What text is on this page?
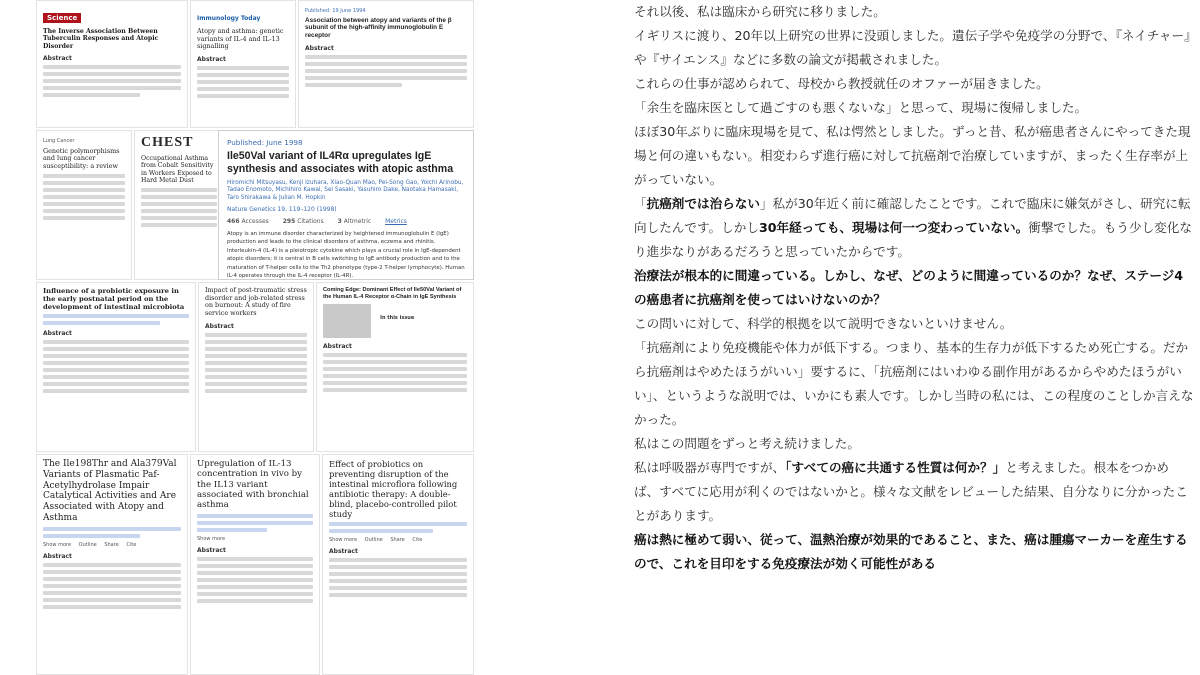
Science
The Inverse Association Between Tuberculin Responses and Atopic Disorder
Abstract
Immunology Today
Atopy and asthma: genetic variants of IL-4 and IL-13 signalling
Abstract
Published: 19 June 1994
Association between atopy and variants of the β subunit of the high-affinity immunoglobulin E receptor
Abstract
Lung Cancer
Genetic polymorphisms and lung cancer susceptibility: a review
CHEST
Occupational Asthma from Cobalt Sensitivity in Workers Exposed to Hard Metal Dust
Published: June 1998
Ile50Val variant of IL4Rα upregulates IgE synthesis and associates with atopic asthma
Hiromichi Mitsuyasu, Kenji Izuhara, Xiao-Quan Mao, Pei-Song Gao, Yoichi Arinobu, Tadao Enomoto, Michihiro Kawai, Sei Sasaki, Yasuhiro Dake, Naotaka Hamasaki, Taro Shirakawa & Julian M. Hopkin
Nature Genetics 19, 119–120 (1998)
466 Accesses 295 Citations 3 Altmetric Metrics
Atopy is an immune disorder characterized by heightened immunoglobulin E (IgE) production and leads to the clinical disorders of asthma, eczema and rhinitis. Interleukin-4 (IL-4) is a pleiotropic cytokine which plays a crucial role in IgE-dependent atopic disorders; it is central in B cells switching to IgE antibody production and to the maturation of T-helper cells to the Th2 phenotype (type-2 T-helper lymphocyte). Human IL-4 operates through the IL-4 receptor (IL-4R).
Influence of a probiotic exposure in the early postnatal period on the development of intestinal microbiota
Abstract
Impact of post-traumatic stress disorder and job-related stress on burnout: A study of fire service workers
Abstract
Coming Edge: Dominant Effect of Ile50Val Variant of the Human IL-4 Receptor α-Chain in IgE Synthesis
In this issue
Abstract
The Ile198Thr and Ala379Val Variants of Plasmatic Paf-Acetylhydrolase Impair Catalytical Activities and Are Associated with Atopy and Asthma
Show more Outline Share Cite
Abstract
Upregulation of IL-13 concentration in vivo by the IL13 variant associated with bronchial asthma
Show more
Abstract
Effect of probiotics on preventing disruption of the intestinal microflora following antibiotic therapy: A double-blind, placebo-controlled pilot study
Show more Outline Share Cite
Abstract

それ以後、私は臨床から研究に移りました。

イギリスに渡り、20年以上研究の世界に没頭しました。遺伝子学や免疫学の分野で、『ネイチャー』や『サイエンス』などに多数の論文が掲載されました。

これらの仕事が認められて、母校から教授就任のオファーが届きました。

「余生を臨床医として過ごすのも悪くないな」と思って、現場に復帰しました。

ほぼ30年ぶりに臨床現場を見て、私は愕然としました。ずっと昔、私が癌患者さんにやってきた現場と何の違いもない。相変わらず進行癌に対して抗癌剤で治療していますが、まったく生存率が上がっていない。

「抗癌剤では治らない」私が30年近く前に確認したことです。これで臨床に嫌気がさし、研究に転向したんです。しかし30年経っても、現場は何一つ変わっていない。衝撃でした。もう少し変化なり進歩なりがあるだろうと思っていたからです。

治療法が根本的に間違っている。しかし、なぜ、どのように間違っているのか？なぜ、ステージ4の癌患者に抗癌剤を使ってはいけないのか？

この問いに対して、科学的根拠を以て説明できないといけません。

「抗癌剤により免疫機能や体力が低下する。つまり、基本的生存力が低下するため死亡する。だから抗癌剤はやめたほうがいい」要するに、「抗癌剤にはいわゆる副作用があるからやめたほうがいい」、というような説明では、いかにも素人です。しかし当時の私には、この程度のことしか言えなかった。

私はこの問題をずっと考え続けました。

私は呼吸器が専門ですが、「すべての癌に共通する性質は何か？」と考えました。根本をつかめば、すべてに応用が利くのではないかと。様々な文献をレビューした結果、自分なりに分かったことがあります。

癌は熱に極めて弱い、従って、温熱治療が効果的であること、また、癌は腫瘍マーカーを産生するので、これを目印をする免疫療法が効く可能性がある
